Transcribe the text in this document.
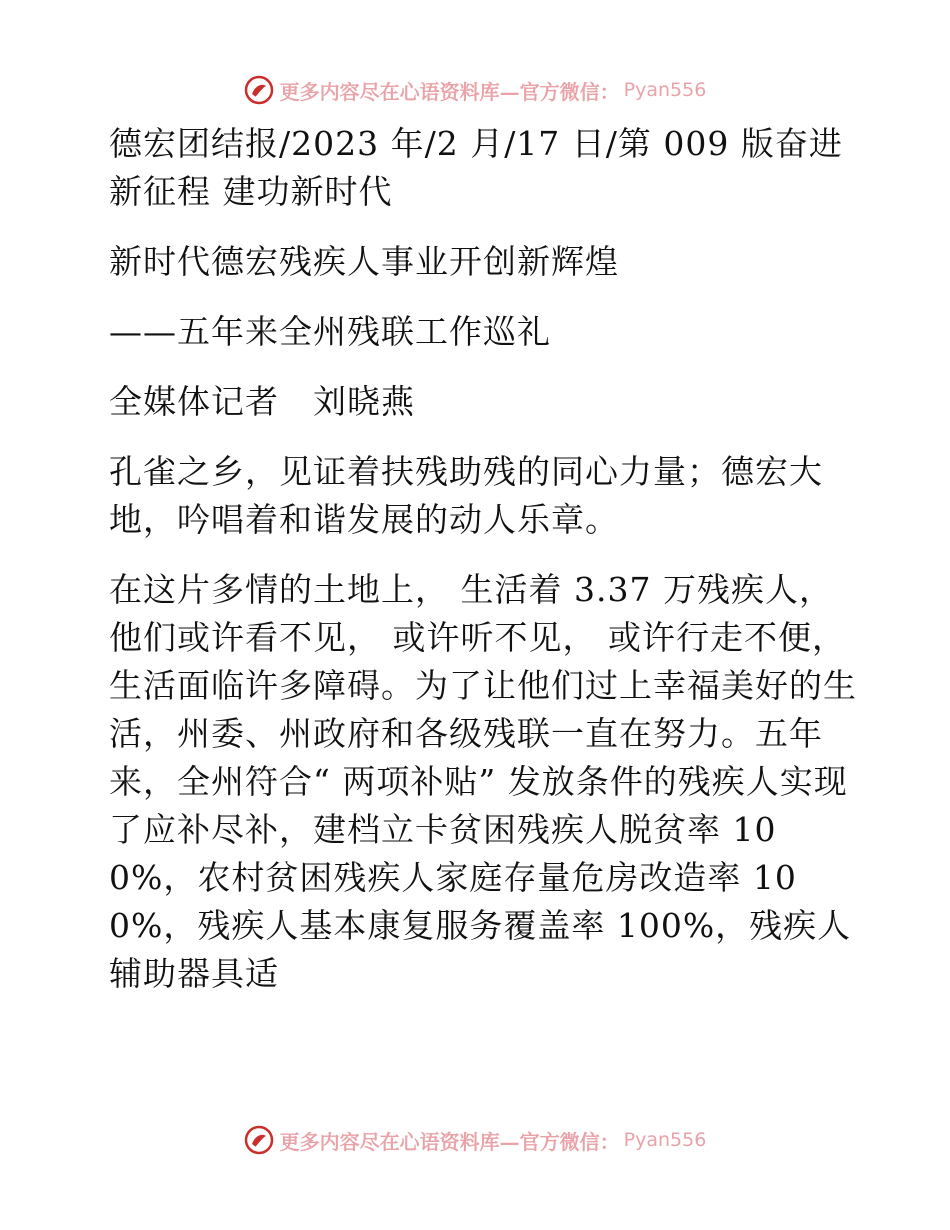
更多内容尽在心语资料库—官方微信： Pyan556

德宏团结报/2023 年/2 月/17 日/第 009 版奋进新征程 建功新时代

新时代德宏残疾人事业开创新辉煌

——五年来全州残联工作巡礼

全媒体记者　刘晓燕

孔雀之乡，见证着扶残助残的同心力量；德宏大地，吟唱着和谐发展的动人乐章。

在这片多情的土地上， 生活着 3.37 万残疾人，他们或许看不见， 或许听不见， 或许行走不便，生活面临许多障碍。为了让他们过上幸福美好的生活，州委、州政府和各级残联一直在努力。五年来，全州符合“ 两项补贴” 发放条件的残疾人实现了应补尽补，建档立卡贫困残疾人脱贫率 100%，农村贫困残疾人家庭存量危房改造率 100%，残疾人基本康复服务覆盖率 100%，残疾人辅助器具适

更多内容尽在心语资料库—官方微信： Pyan556
